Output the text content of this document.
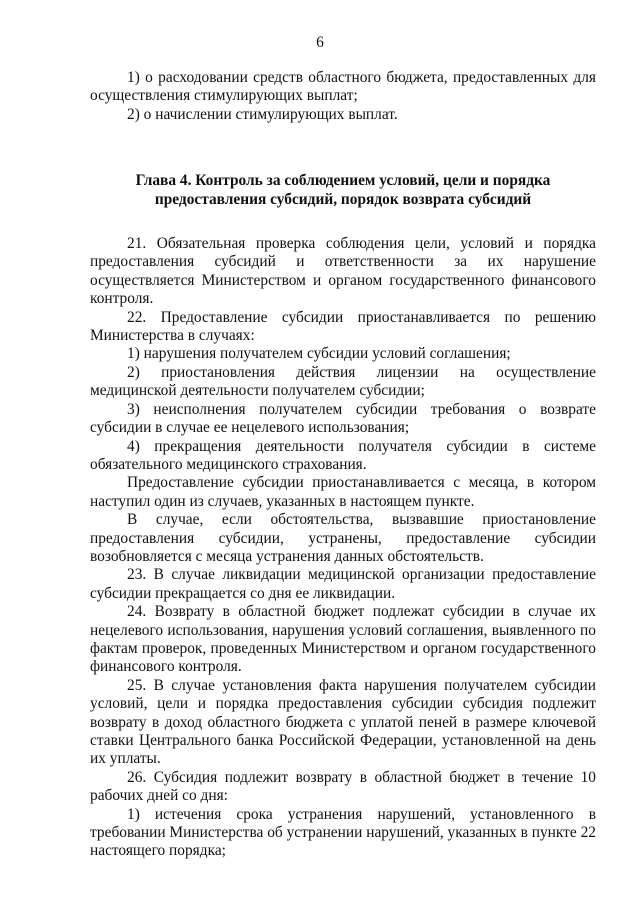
6

1) о расходовании средств областного бюджета, предоставленных для осуществления стимулирующих выплат;

2) о начислении стимулирующих выплат.

Глава 4. Контроль за соблюдением условий, цели и порядка
предоставления субсидий, порядок возврата субсидий

21. Обязательная проверка соблюдения цели, условий и порядка предоставления субсидий и ответственности за их нарушение осуществляется Министерством и органом государственного финансового контроля.

22. Предоставление субсидии приостанавливается по решению Министерства в случаях:

1) нарушения получателем субсидии условий соглашения;

2) приостановления действия лицензии на осуществление медицинской деятельности получателем субсидии;

3) неисполнения получателем субсидии требования о возврате субсидии в случае ее нецелевого использования;

4) прекращения деятельности получателя субсидии в системе обязательного медицинского страхования.

Предоставление субсидии приостанавливается с месяца, в котором наступил один из случаев, указанных в настоящем пункте.

В случае, если обстоятельства, вызвавшие приостановление предоставления субсидии, устранены, предоставление субсидии возобновляется с месяца устранения данных обстоятельств.

23. В случае ликвидации медицинской организации предоставление субсидии прекращается со дня ее ликвидации.

24. Возврату в областной бюджет подлежат субсидии в случае их нецелевого использования, нарушения условий соглашения, выявленного по фактам проверок, проведенных Министерством и органом государственного финансового контроля.

25. В случае установления факта нарушения получателем субсидии условий, цели и порядка предоставления субсидии субсидия подлежит возврату в доход областного бюджета с уплатой пеней в размере ключевой ставки Центрального банка Российской Федерации, установленной на день их уплаты.

26. Субсидия подлежит возврату в областной бюджет в течение 10 рабочих дней со дня:

1) истечения срока устранения нарушений, установленного в требовании Министерства об устранении нарушений, указанных в пункте 22 настоящего порядка;
